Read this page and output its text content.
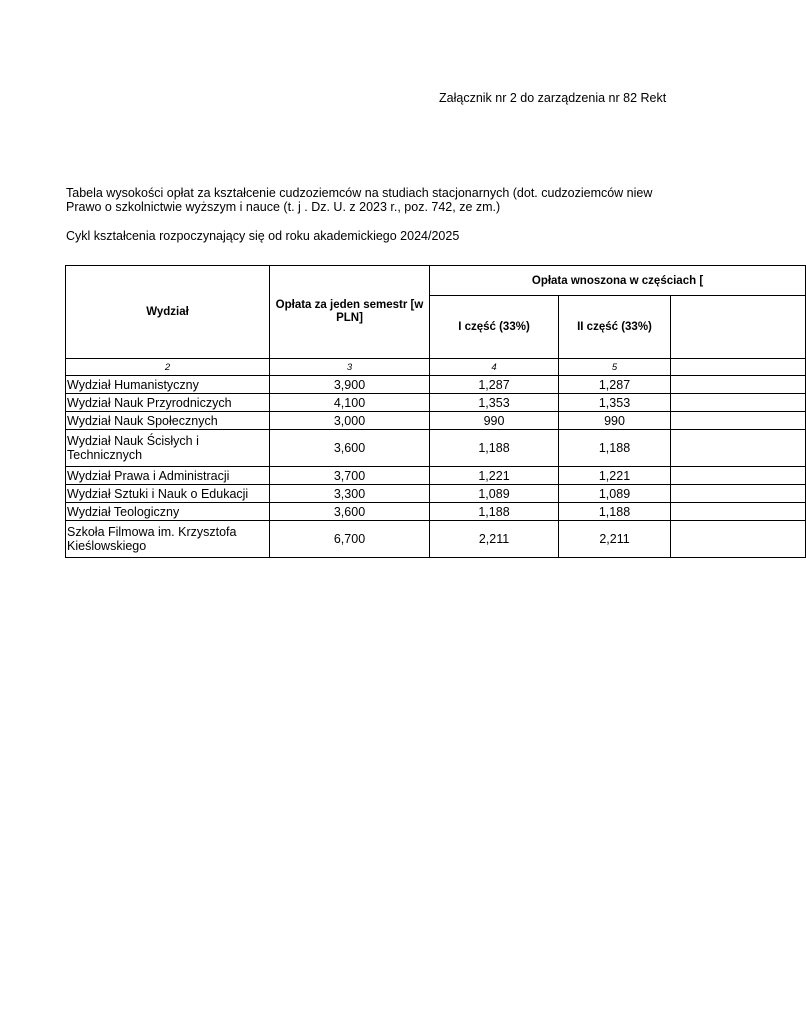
Załącznik nr 2 do zarządzenia nr 82 Rekt
Tabela wysokości opłat za kształcenie cudzoziemców na studiach stacjonarnych (dot. cudzoziemców niew
Prawo o szkolnictwie wyższym i nauce (t. j . Dz. U. z 2023 r., poz. 742, ze zm.)
Cykl kształcenia rozpoczynający się od roku akademickiego 2024/2025
Wydział	Opłata za jeden semestr [w PLN]	Opłata wnoszona w częściach [		
		I część (33%)	II część (33%)	
2	3	4	5	
Wydział Humanistyczny	3,900	1,287	1,287	
Wydział Nauk Przyrodniczych	4,100	1,353	1,353	
Wydział Nauk Społecznych	3,000	990	990	
Wydział Nauk Ścisłych i Technicznych	3,600	1,188	1,188	
Wydział Prawa i Administracji	3,700	1,221	1,221	
Wydział Sztuki i Nauk o Edukacji	3,300	1,089	1,089	
Wydział Teologiczny	3,600	1,188	1,188	
Szkoła Filmowa im. Krzysztofa Kieślowskiego	6,700	2,211	2,211	
